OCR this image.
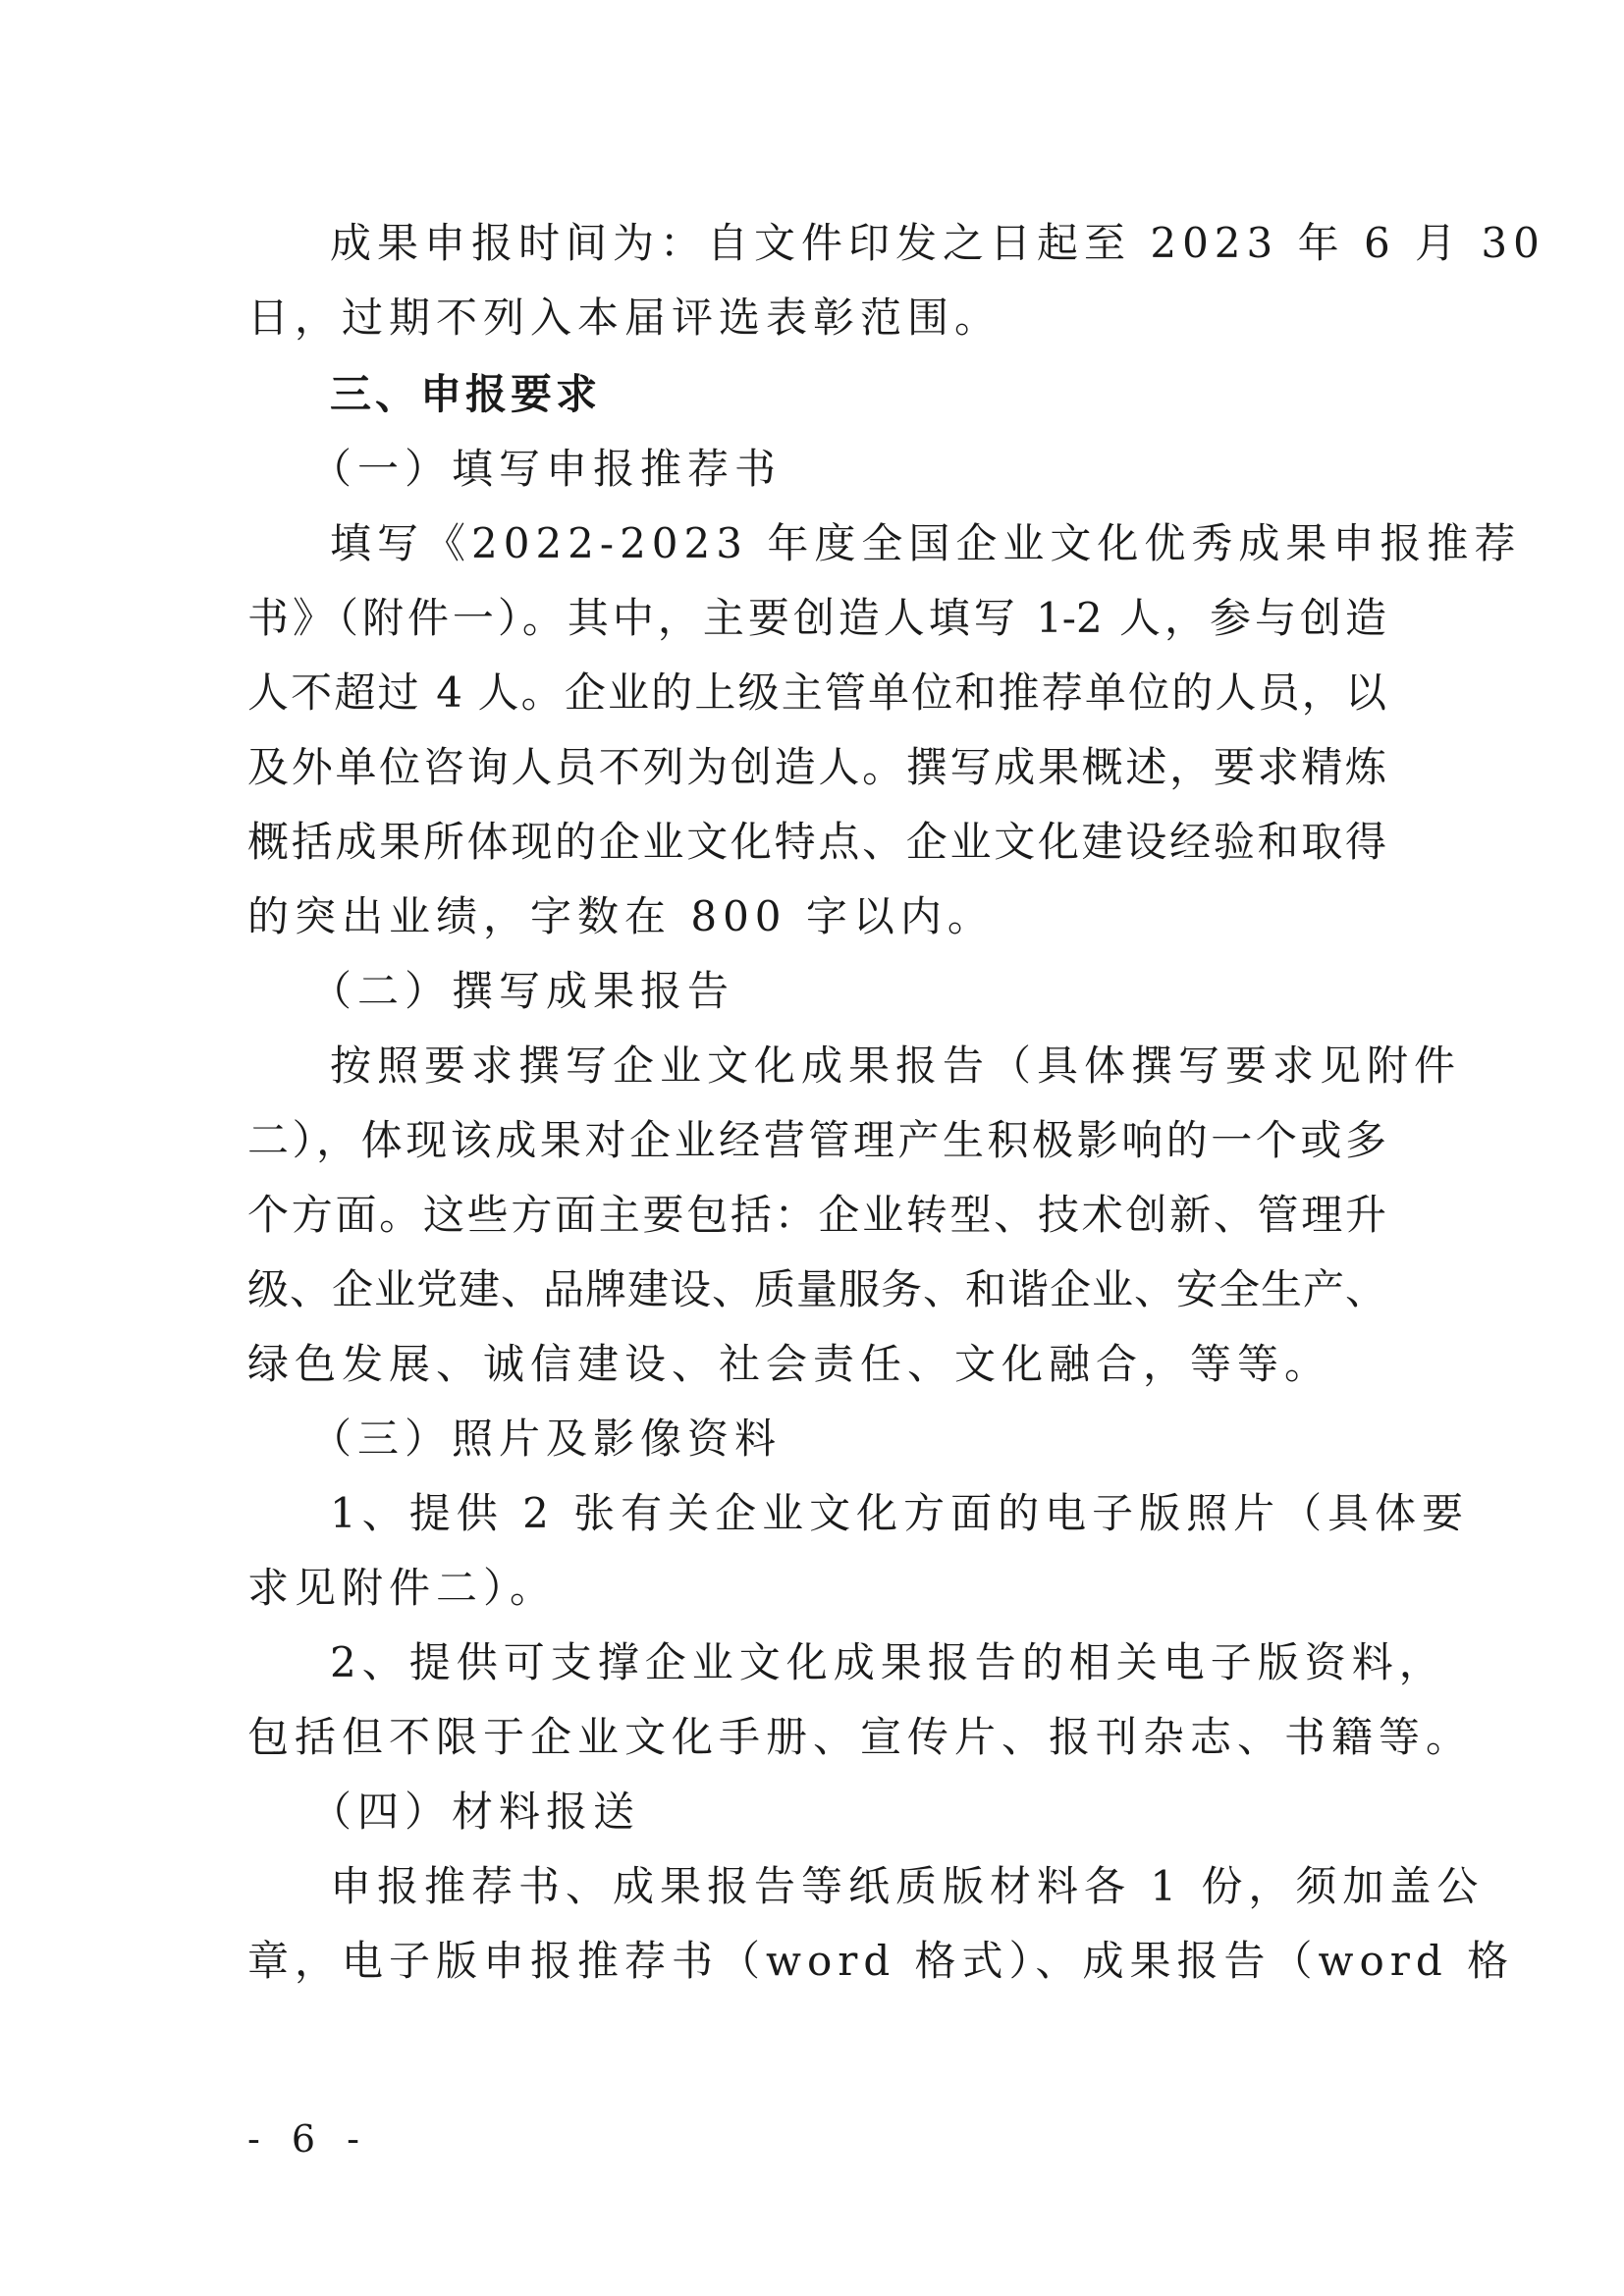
成果申报时间为：自文件印发之日起至 2023 年 6 月 30
日，过期不列入本届评选表彰范围。
三、申报要求
（一）填写申报推荐书
填写《2022-2023 年度全国企业文化优秀成果申报推荐
书》（附件一）。其中，主要创造人填写 1-2 人，参与创造
人不超过 4 人。企业的上级主管单位和推荐单位的人员，以
及外单位咨询人员不列为创造人。撰写成果概述，要求精炼
概括成果所体现的企业文化特点、企业文化建设经验和取得
的突出业绩，字数在 800 字以内。
（二）撰写成果报告
按照要求撰写企业文化成果报告（具体撰写要求见附件
二），体现该成果对企业经营管理产生积极影响的一个或多
个方面。这些方面主要包括：企业转型、技术创新、管理升
级、企业党建、品牌建设、质量服务、和谐企业、安全生产、
绿色发展、诚信建设、社会责任、文化融合，等等。
（三）照片及影像资料
1、提供 2 张有关企业文化方面的电子版照片（具体要
求见附件二）。
2、提供可支撑企业文化成果报告的相关电子版资料，
包括但不限于企业文化手册、宣传片、报刊杂志、书籍等。
（四）材料报送
申报推荐书、成果报告等纸质版材料各 1 份，须加盖公
章，电子版申报推荐书（word 格式）、成果报告（word 格
- 6 -
